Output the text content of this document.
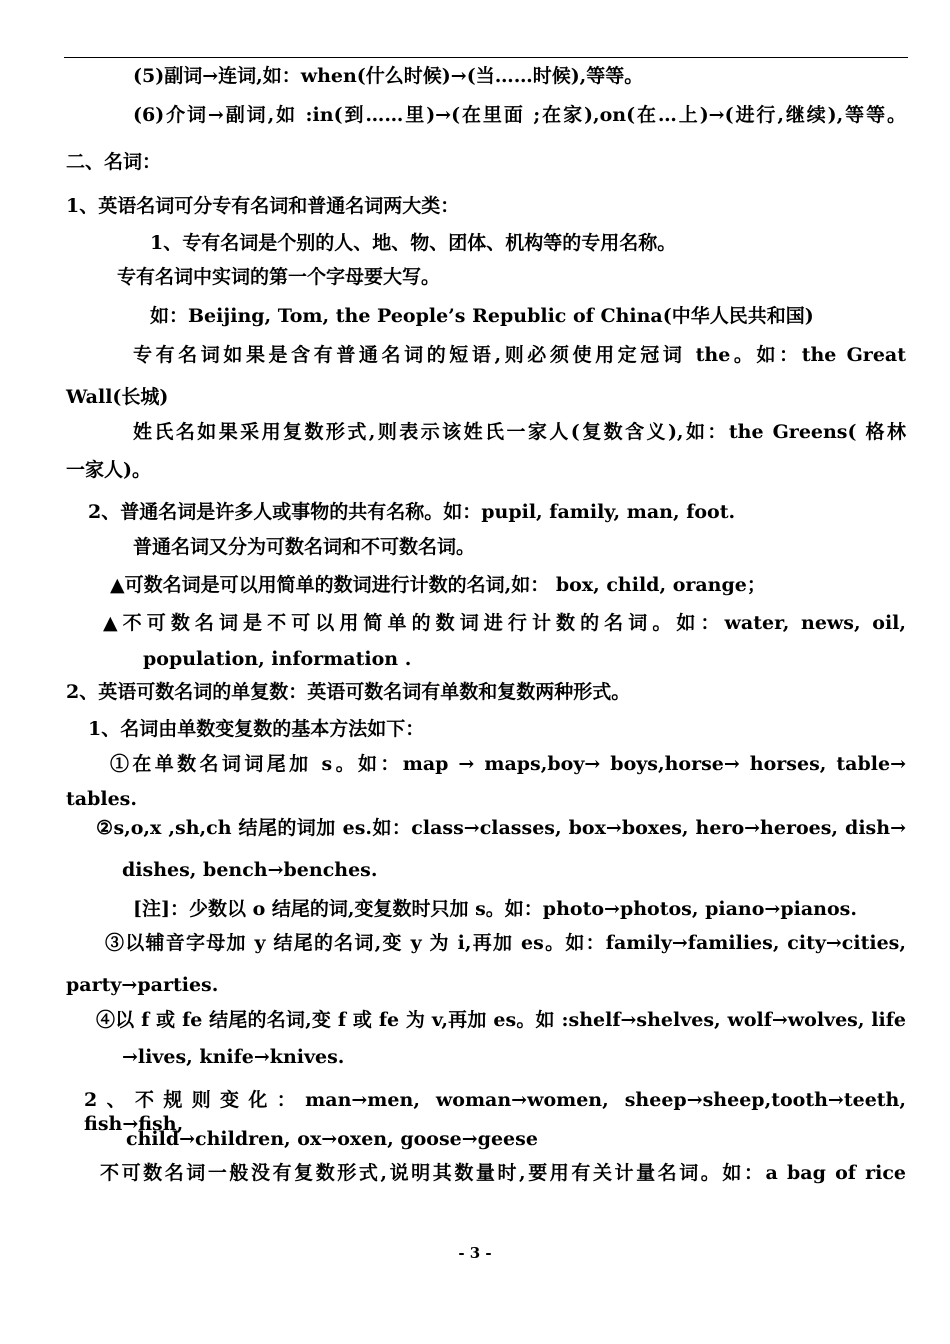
(5)副词→连词,如：when(什么时候)→(当……时候),等等。
(6)介词→副词,如 :in(到……里)→(在里面 ;在家),on(在…上)→(进行,继续),等等。
二、名词：
1、英语名词可分专有名词和普通名词两大类：
1、专有名词是个别的人、地、物、团体、机构等的专用名称。
专有名词中实词的第一个字母要大写。
如：Beijing, Tom, the People’s Republic of China(中华人民共和国)
专有名词如果是含有普通名词的短语,则必须使用定冠词 the。如：the Great
Wall(长城)
姓氏名如果采用复数形式,则表示该姓氏一家人(复数含义),如：the Greens( 格林
一家人)。
2、普通名词是许多人或事物的共有名称。如：pupil, family, man, foot.
普通名词又分为可数名词和不可数名词。
▲可数名词是可以用简单的数词进行计数的名词,如： box, child, orange；
▲不可数名词是不可以用简单的数词进行计数的名词。如：water, news, oil,
population, information .
2、英语可数名词的单复数：英语可数名词有单数和复数两种形式。
1、名词由单数变复数的基本方法如下：
①在单数名词词尾加 s。如：map → maps,boy→ boys,horse→ horses, table→
tables.
②s,o,x ,sh,ch 结尾的词加 es.如：class→classes, box→boxes, hero→heroes, dish→
dishes, bench→benches.
[注]：少数以 o 结尾的词,变复数时只加 s。如：photo→photos, piano→pianos.
③以辅音字母加 y 结尾的名词,变 y 为 i,再加 es。如：family→families, city→cities,
party→parties.
④以 f 或 fe 结尾的名词,变 f 或 fe 为 v,再加 es。如 :shelf→shelves, wolf→wolves, life
→lives, knife→knives.
2、不规则变化：man→men, woman→women, sheep→sheep,tooth→teeth, fish→fish,
child→children, ox→oxen, goose→geese
不可数名词一般没有复数形式,说明其数量时,要用有关计量名词。如：a bag of rice
- 3 -
